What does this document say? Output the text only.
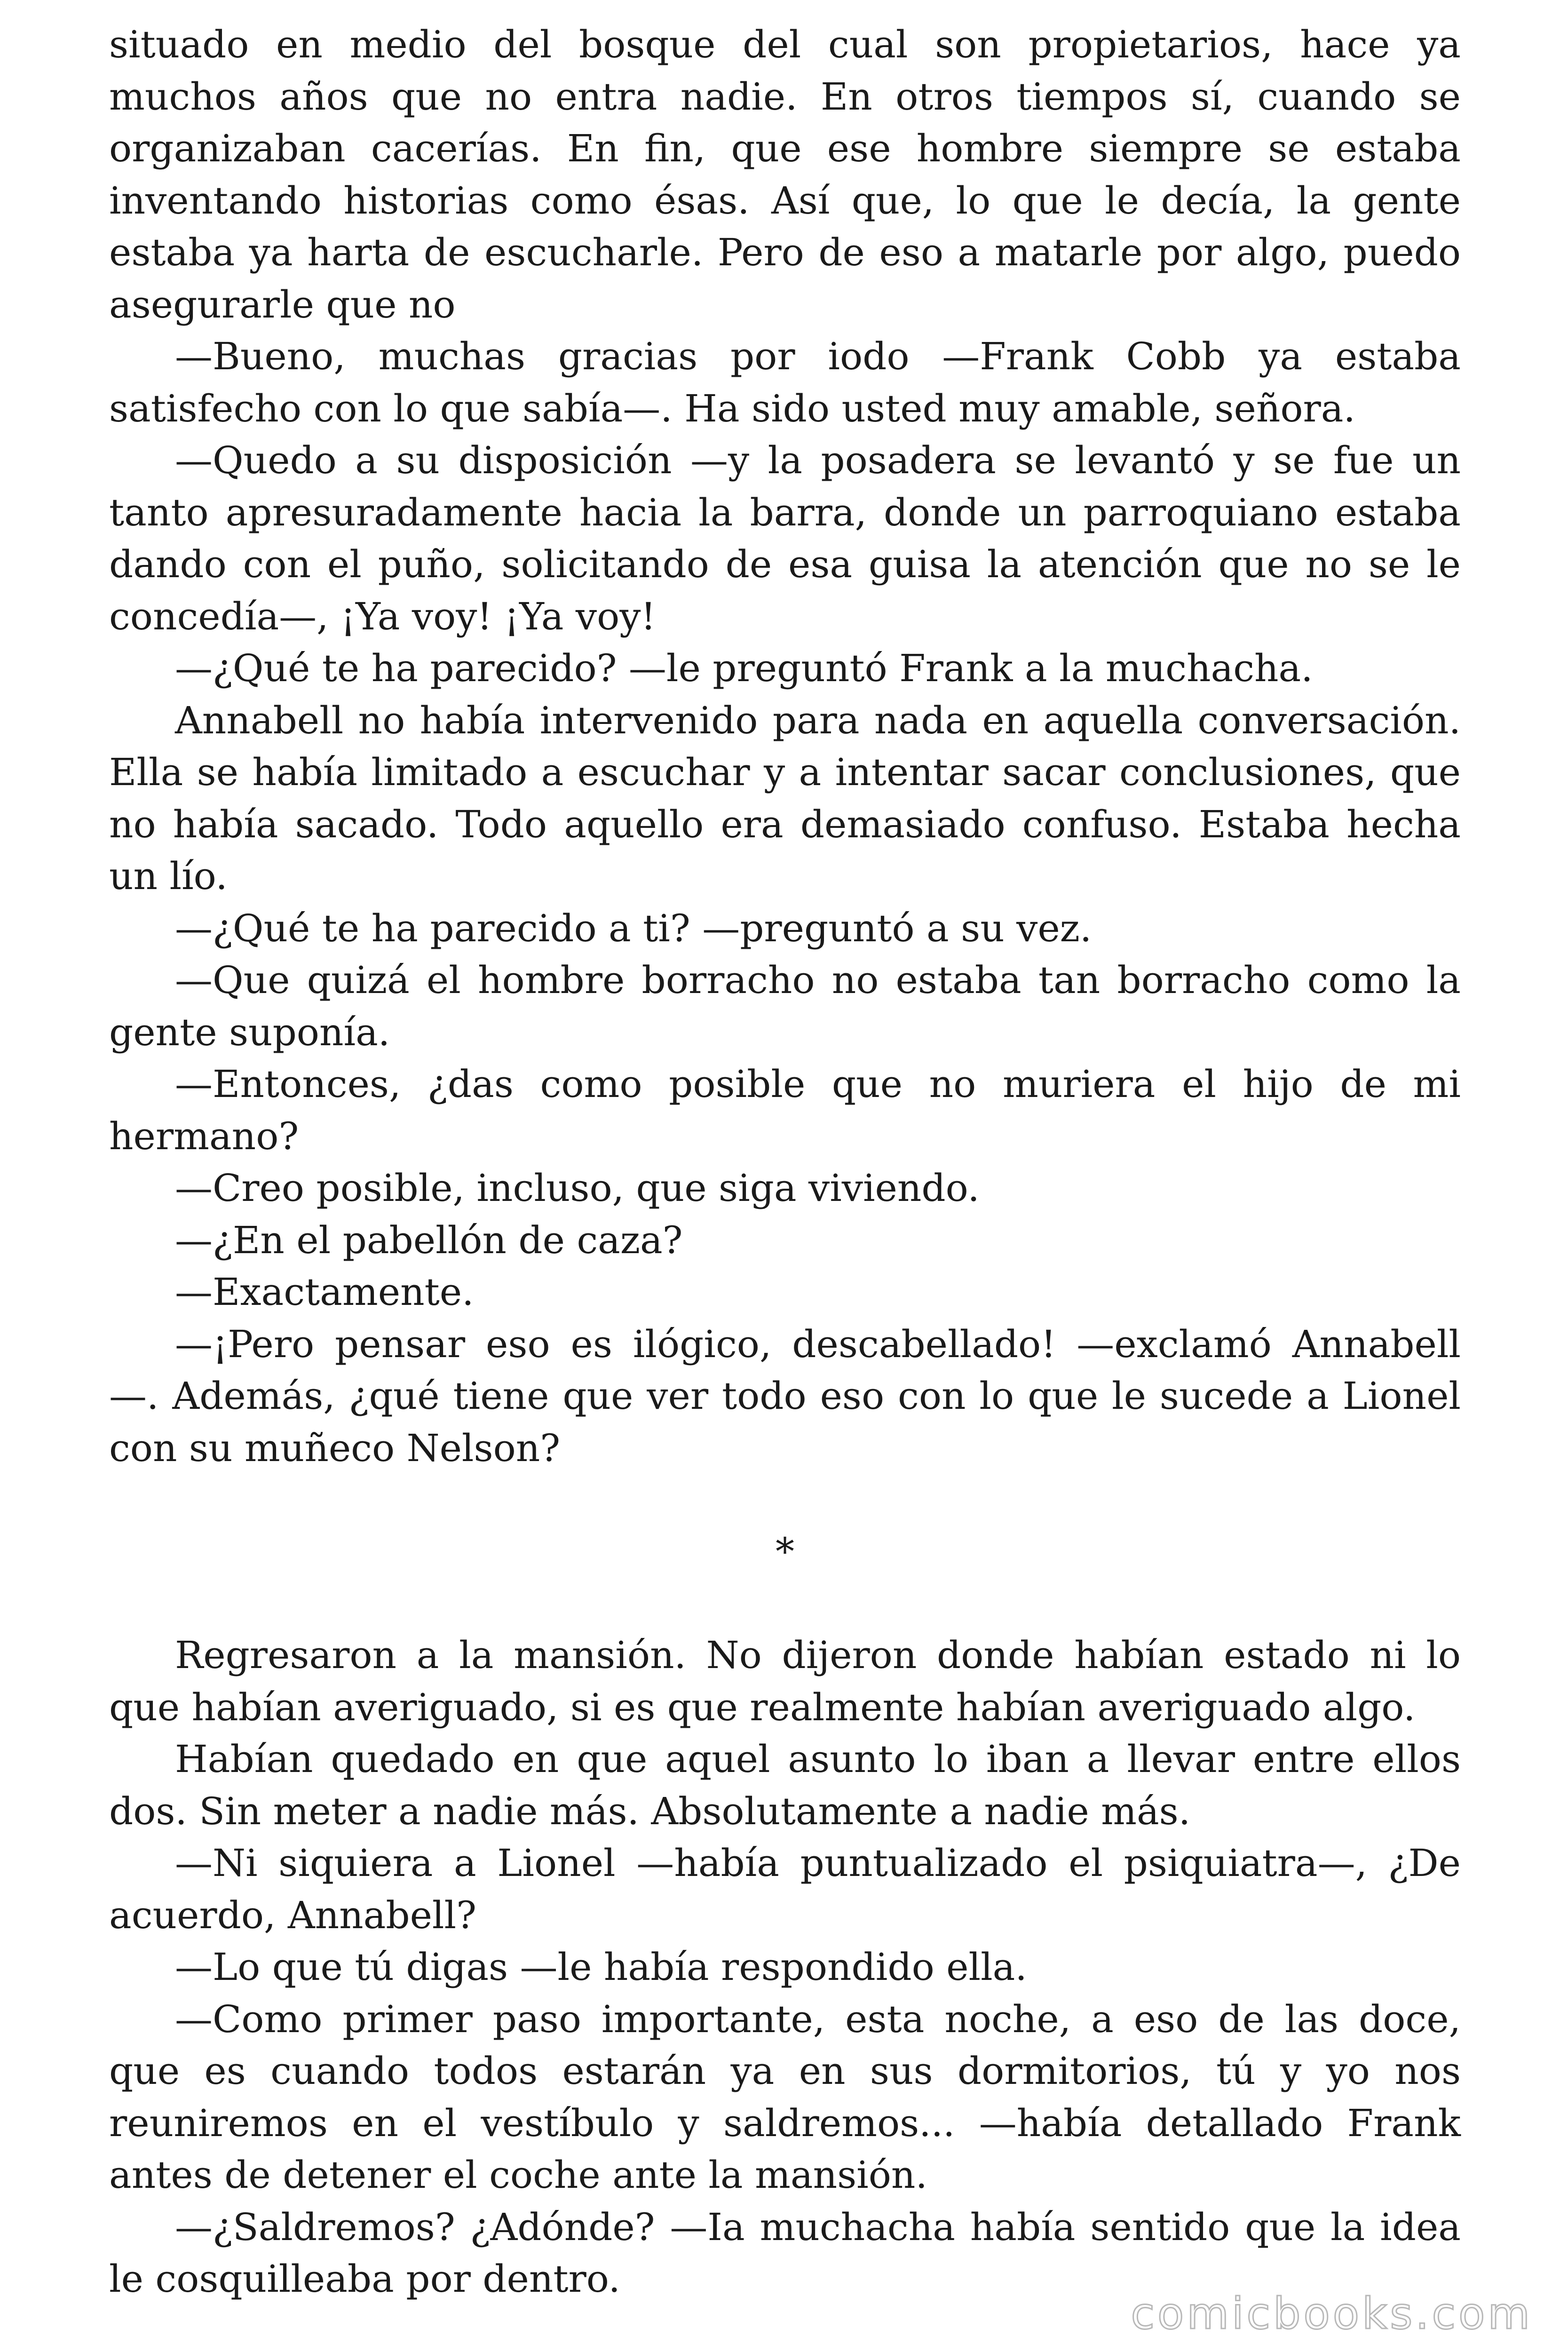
situado en medio del bosque del cual son propietarios, hace ya muchos años que no entra nadie. En otros tiempos sí, cuando se organizaban cacerías. En fin, que ese hombre siempre se estaba inventando historias como ésas. Así que, lo que le decía, la gente estaba ya harta de escucharle. Pero de eso a matarle por algo, puedo asegurarle que no

—Bueno, muchas gracias por iodo —Frank Cobb ya estaba satisfecho con lo que sabía—. Ha sido usted muy amable, señora.

—Quedo a su disposición —y la posadera se levantó y se fue un tanto apresuradamente hacia la barra, donde un parroquiano estaba dando con el puño, solicitando de esa guisa la atención que no se le concedía—, ¡Ya voy! ¡Ya voy!

—¿Qué te ha parecido? —le preguntó Frank a la muchacha.

Annabell no había intervenido para nada en aquella conversación. Ella se había limitado a escuchar y a intentar sacar conclusiones, que no había sacado. Todo aquello era demasiado confuso. Estaba hecha un lío.

—¿Qué te ha parecido a ti? —preguntó a su vez.

—Que quizá el hombre borracho no estaba tan borracho como la gente suponía.

—Entonces, ¿das como posible que no muriera el hijo de mi hermano?

—Creo posible, incluso, que siga viviendo.

—¿En el pabellón de caza?

—Exactamente.

—¡Pero pensar eso es ilógico, descabellado! —exclamó Annabell —. Además, ¿qué tiene que ver todo eso con lo que le sucede a Lionel con su muñeco Nelson?

*

Regresaron a la mansión. No dijeron donde habían estado ni lo que habían averiguado, si es que realmente habían averiguado algo.

Habían quedado en que aquel asunto lo iban a llevar entre ellos dos. Sin meter a nadie más. Absolutamente a nadie más.

—Ni siquiera a Lionel —había puntualizado el psiquiatra—, ¿De acuerdo, Annabell?

—Lo que tú digas —le había respondido ella.

—Como primer paso importante, esta noche, a eso de las doce, que es cuando todos estarán ya en sus dormitorios, tú y yo nos reuniremos en el vestíbulo y saldremos... —había detallado Frank antes de detener el coche ante la mansión.

—¿Saldremos? ¿Adónde? —Ia muchacha había sentido que la idea le cosquilleaba por dentro.

comicbooks.com
